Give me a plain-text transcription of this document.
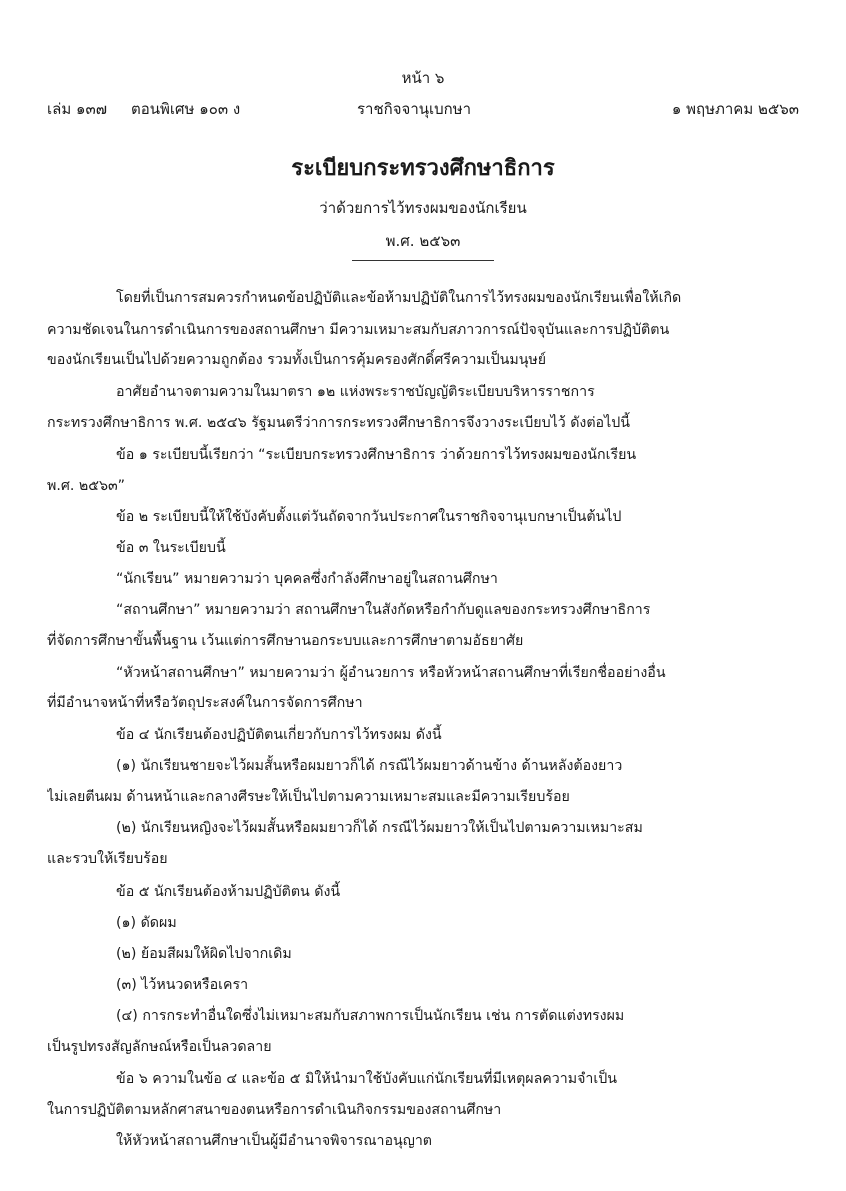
หน้า ๖
เล่ม ๑๓๗ ตอนพิเศษ ๑๐๓ ง	ราชกิจจานุเบกษา	๑ พฤษภาคม ๒๕๖๓
ระเบียบกระทรวงศึกษาธิการ
ว่าด้วยการไว้ทรงผมของนักเรียน
พ.ศ. ๒๕๖๓
โดยที่เป็นการสมควรกำหนดข้อปฏิบัติและข้อห้ามปฏิบัติในการไว้ทรงผมของนักเรียนเพื่อให้เกิด
ความชัดเจนในการดำเนินการของสถานศึกษา มีความเหมาะสมกับสภาวการณ์ปัจจุบันและการปฏิบัติตน
ของนักเรียนเป็นไปด้วยความถูกต้อง รวมทั้งเป็นการคุ้มครองศักดิ์ศรีความเป็นมนุษย์
อาศัยอำนาจตามความในมาตรา ๑๒ แห่งพระราชบัญญัติระเบียบบริหารราชการ
กระทรวงศึกษาธิการ พ.ศ. ๒๕๔๖ รัฐมนตรีว่าการกระทรวงศึกษาธิการจึงวางระเบียบไว้ ดังต่อไปนี้
ข้อ ๑ ระเบียบนี้เรียกว่า “ระเบียบกระทรวงศึกษาธิการ ว่าด้วยการไว้ทรงผมของนักเรียน
พ.ศ. ๒๕๖๓”
ข้อ ๒ ระเบียบนี้ให้ใช้บังคับตั้งแต่วันถัดจากวันประกาศในราชกิจจานุเบกษาเป็นต้นไป
ข้อ ๓ ในระเบียบนี้
“นักเรียน” หมายความว่า บุคคลซึ่งกำลังศึกษาอยู่ในสถานศึกษา
“สถานศึกษา” หมายความว่า สถานศึกษาในสังกัดหรือกำกับดูแลของกระทรวงศึกษาธิการ
ที่จัดการศึกษาขั้นพื้นฐาน เว้นแต่การศึกษานอกระบบและการศึกษาตามอัธยาศัย
“หัวหน้าสถานศึกษา” หมายความว่า ผู้อำนวยการ หรือหัวหน้าสถานศึกษาที่เรียกชื่ออย่างอื่น
ที่มีอำนาจหน้าที่หรือวัตถุประสงค์ในการจัดการศึกษา
ข้อ ๔ นักเรียนต้องปฏิบัติตนเกี่ยวกับการไว้ทรงผม ดังนี้
(๑) นักเรียนชายจะไว้ผมสั้นหรือผมยาวก็ได้ กรณีไว้ผมยาวด้านข้าง ด้านหลังต้องยาว
ไม่เลยตีนผม ด้านหน้าและกลางศีรษะให้เป็นไปตามความเหมาะสมและมีความเรียบร้อย
(๒) นักเรียนหญิงจะไว้ผมสั้นหรือผมยาวก็ได้ กรณีไว้ผมยาวให้เป็นไปตามความเหมาะสม
และรวบให้เรียบร้อย
ข้อ ๕ นักเรียนต้องห้ามปฏิบัติตน ดังนี้
(๑) ดัดผม
(๒) ย้อมสีผมให้ผิดไปจากเดิม
(๓) ไว้หนวดหรือเครา
(๔) การกระทำอื่นใดซึ่งไม่เหมาะสมกับสภาพการเป็นนักเรียน เช่น การตัดแต่งทรงผม
เป็นรูปทรงสัญลักษณ์หรือเป็นลวดลาย
ข้อ ๖ ความในข้อ ๔ และข้อ ๕ มิให้นำมาใช้บังคับแก่นักเรียนที่มีเหตุผลความจำเป็น
ในการปฏิบัติตามหลักศาสนาของตนหรือการดำเนินกิจกรรมของสถานศึกษา
ให้หัวหน้าสถานศึกษาเป็นผู้มีอำนาจพิจารณาอนุญาต
